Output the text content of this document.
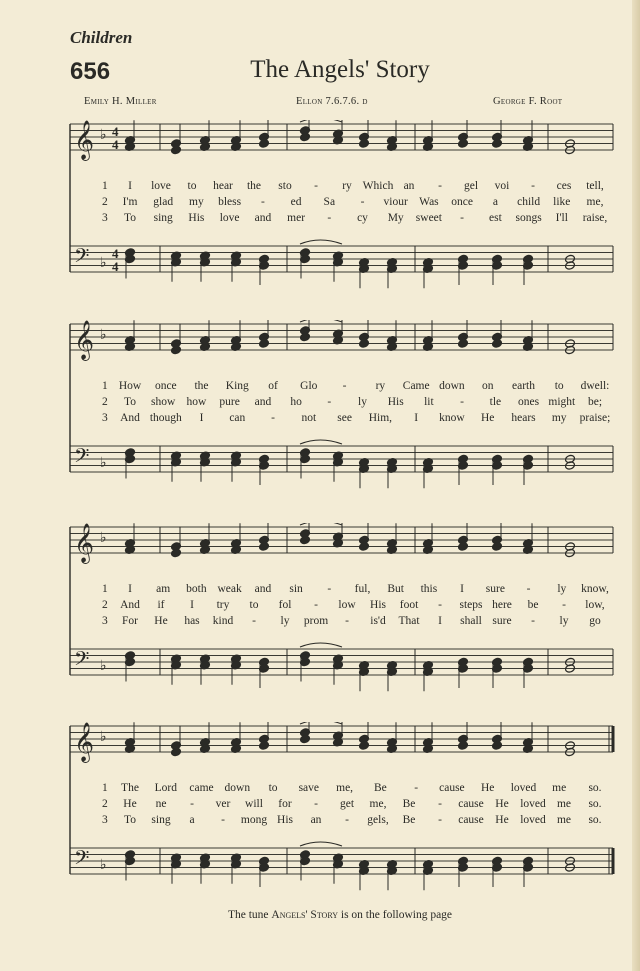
Children
656	The Angels' Story
Emily H. Miller	Ellon 7.6.7.6. d	George F. Root
𝄞 ♭ 4
4
𝄢 ♭
4
4
1 I love to hear the sto - ry Which an - gel voi - ces tell,
2 I'm glad my bless - ed Sa - viour Was once a child like me,
3 To sing His love and mer - cy My sweet - est songs I'll raise,
𝄞 ♭
𝄢 ♭
1 How once the King of Glo -	ry Came down on earth to dwell:
2 To show how pure and ho - ly His lit - tle ones might be;
3 And though I can - not see Him, I know He hears my praise;
𝄞 ♭
𝄢 ♭
1 I am both weak and sin - ful, But this I sure - ly know,
2 And if I try to fol - low His foot - steps here be - low,
3 For He has kind - ly prom - is'd That I shall sure - ly go
𝄞 ♭
𝄢 ♭
1 The Lord came down to save me, Be - cause He loved me so.
2 He ne - ver will for - get me, Be - cause He loved me so.
3 To sing a - mong His an - gels, Be - cause He loved me so.
The tune Angels' Story is on the following page
